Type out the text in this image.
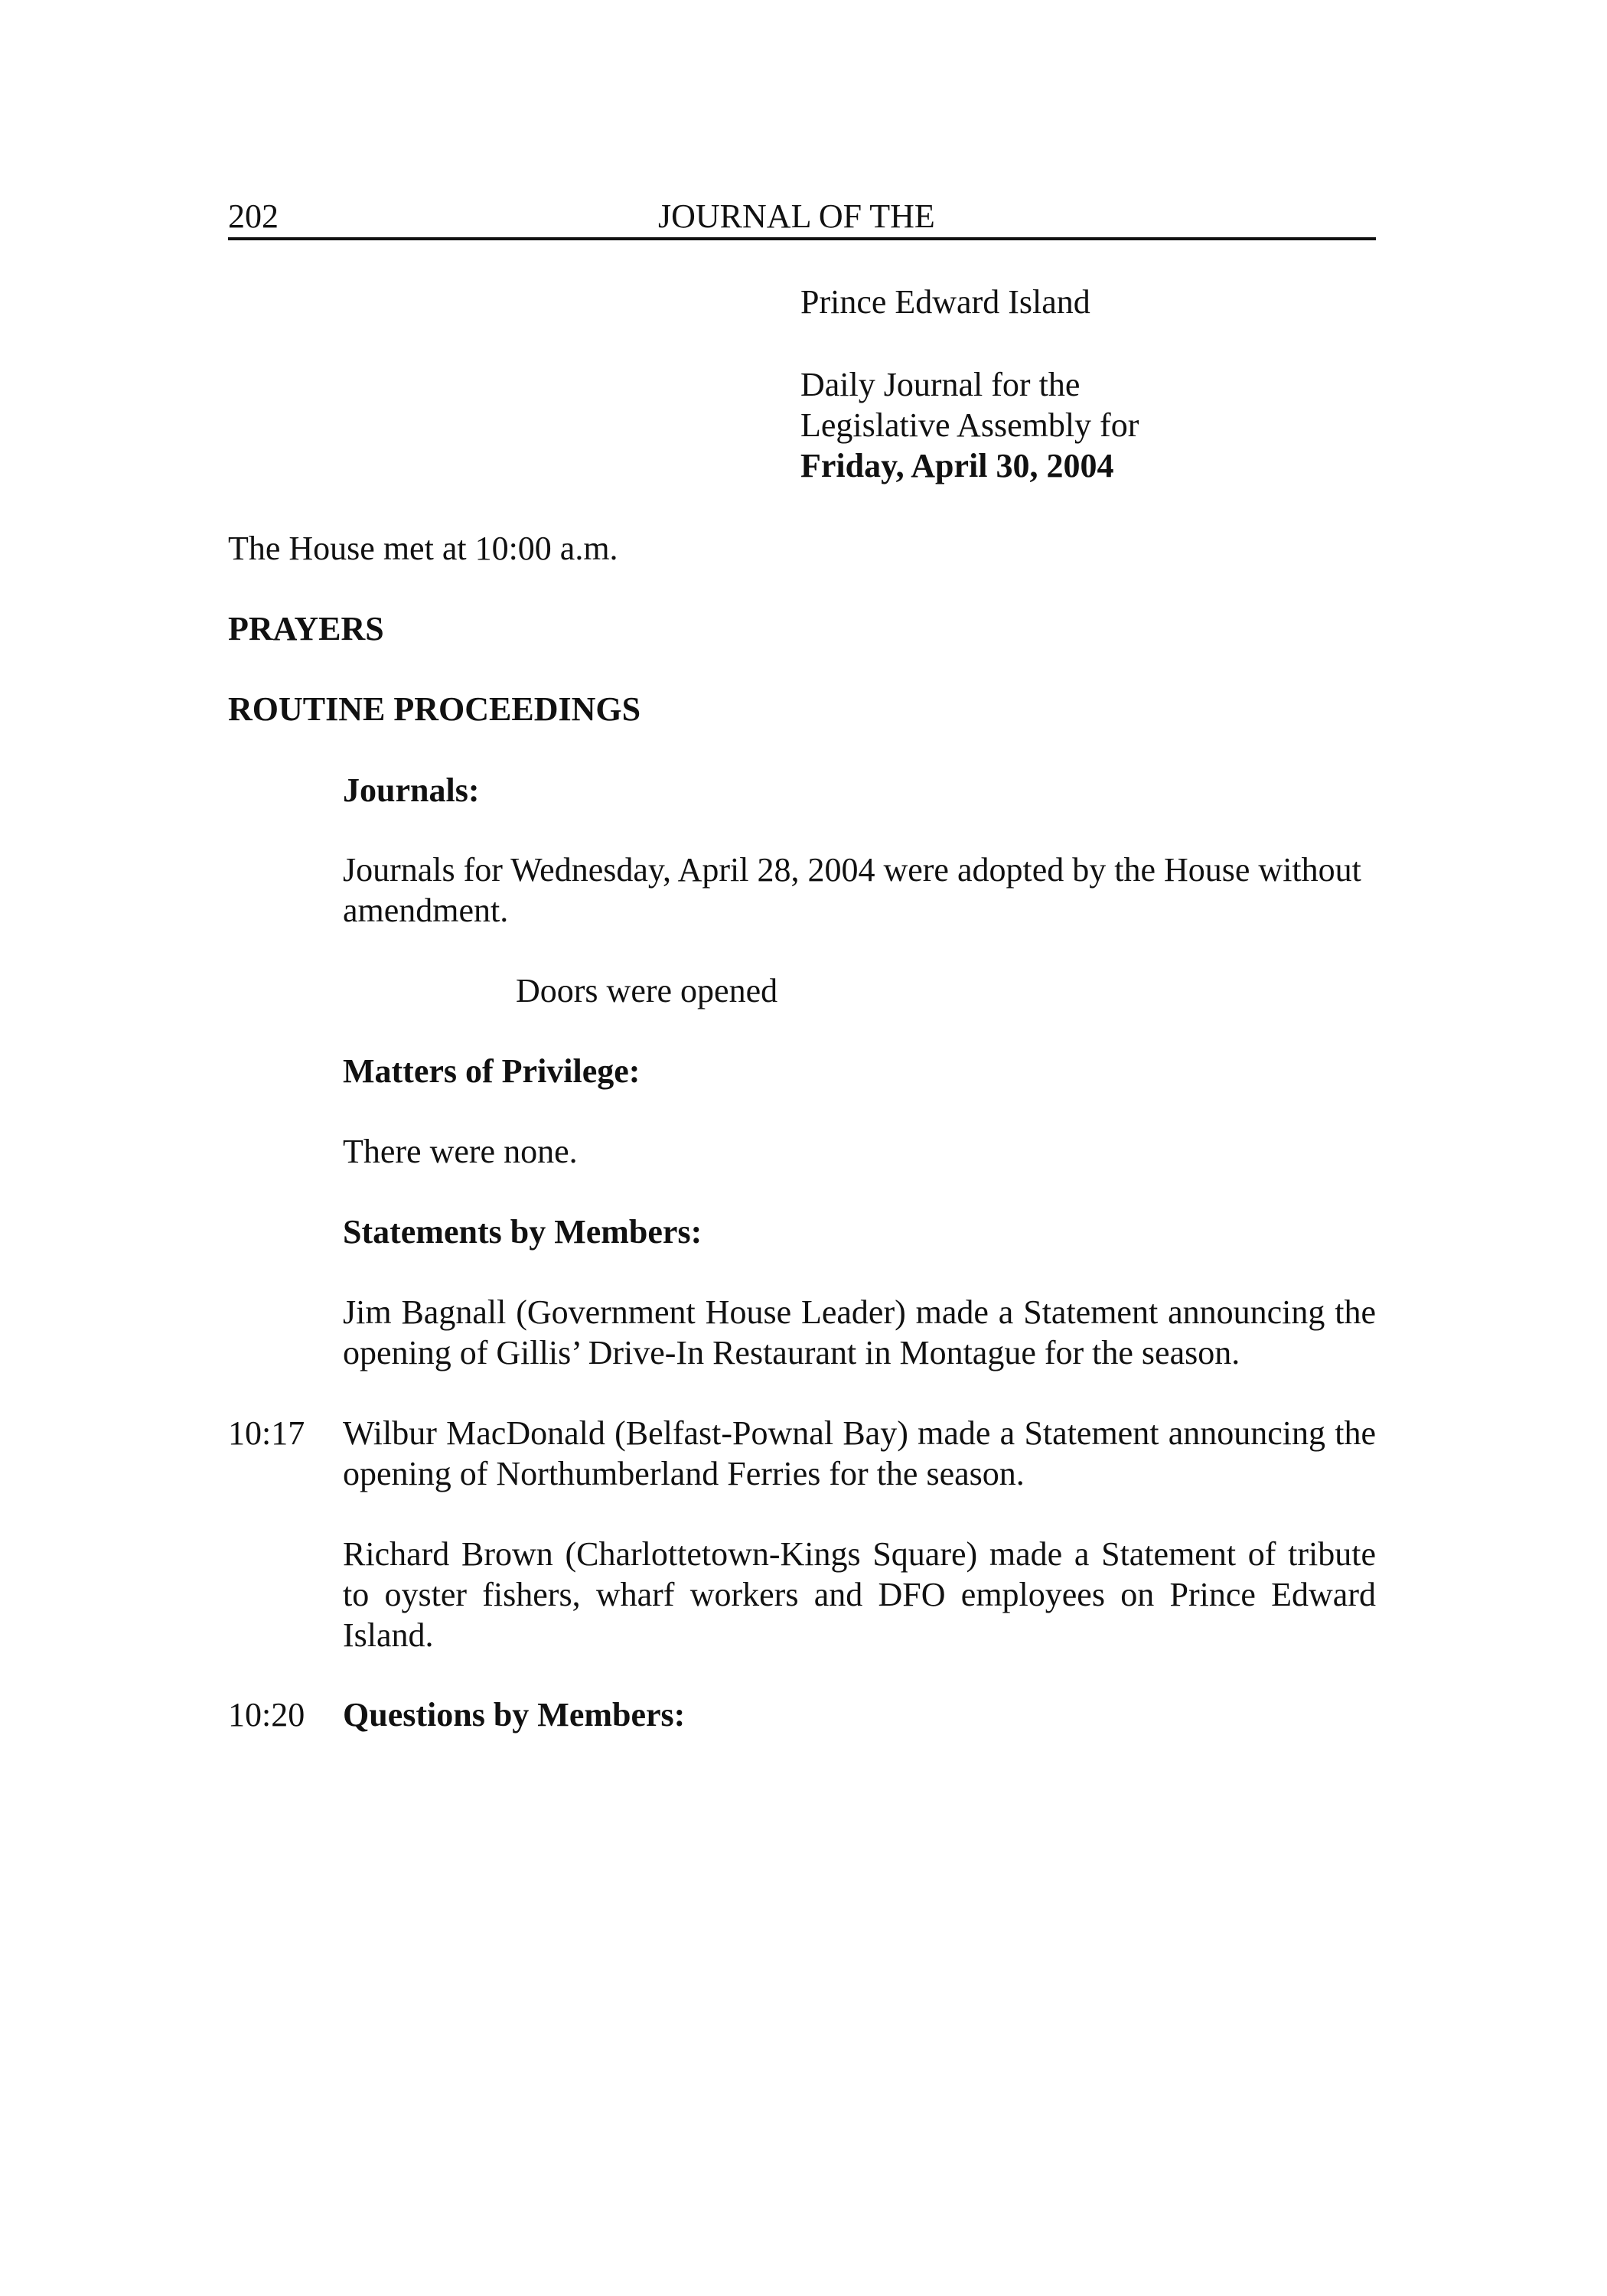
202	JOURNAL OF THE
Prince Edward Island
Daily Journal for the
Legislative Assembly for
Friday, April 30, 2004
The House met at 10:00 a.m.
PRAYERS
ROUTINE PROCEEDINGS
Journals:
Journals for Wednesday, April 28, 2004 were adopted by the House without amendment.
Doors were opened
Matters of Privilege:
There were none.
Statements by Members:
Jim Bagnall (Government House Leader) made a Statement announcing the opening of Gillis’ Drive-In Restaurant in Montague for the season.
10:17 Wilbur MacDonald (Belfast-Pownal Bay) made a Statement announcing the opening of Northumberland Ferries for the season.
Richard Brown (Charlottetown-Kings Square) made a Statement of tribute to oyster fishers, wharf workers and DFO employees on Prince Edward Island.
10:20 Questions by Members:
